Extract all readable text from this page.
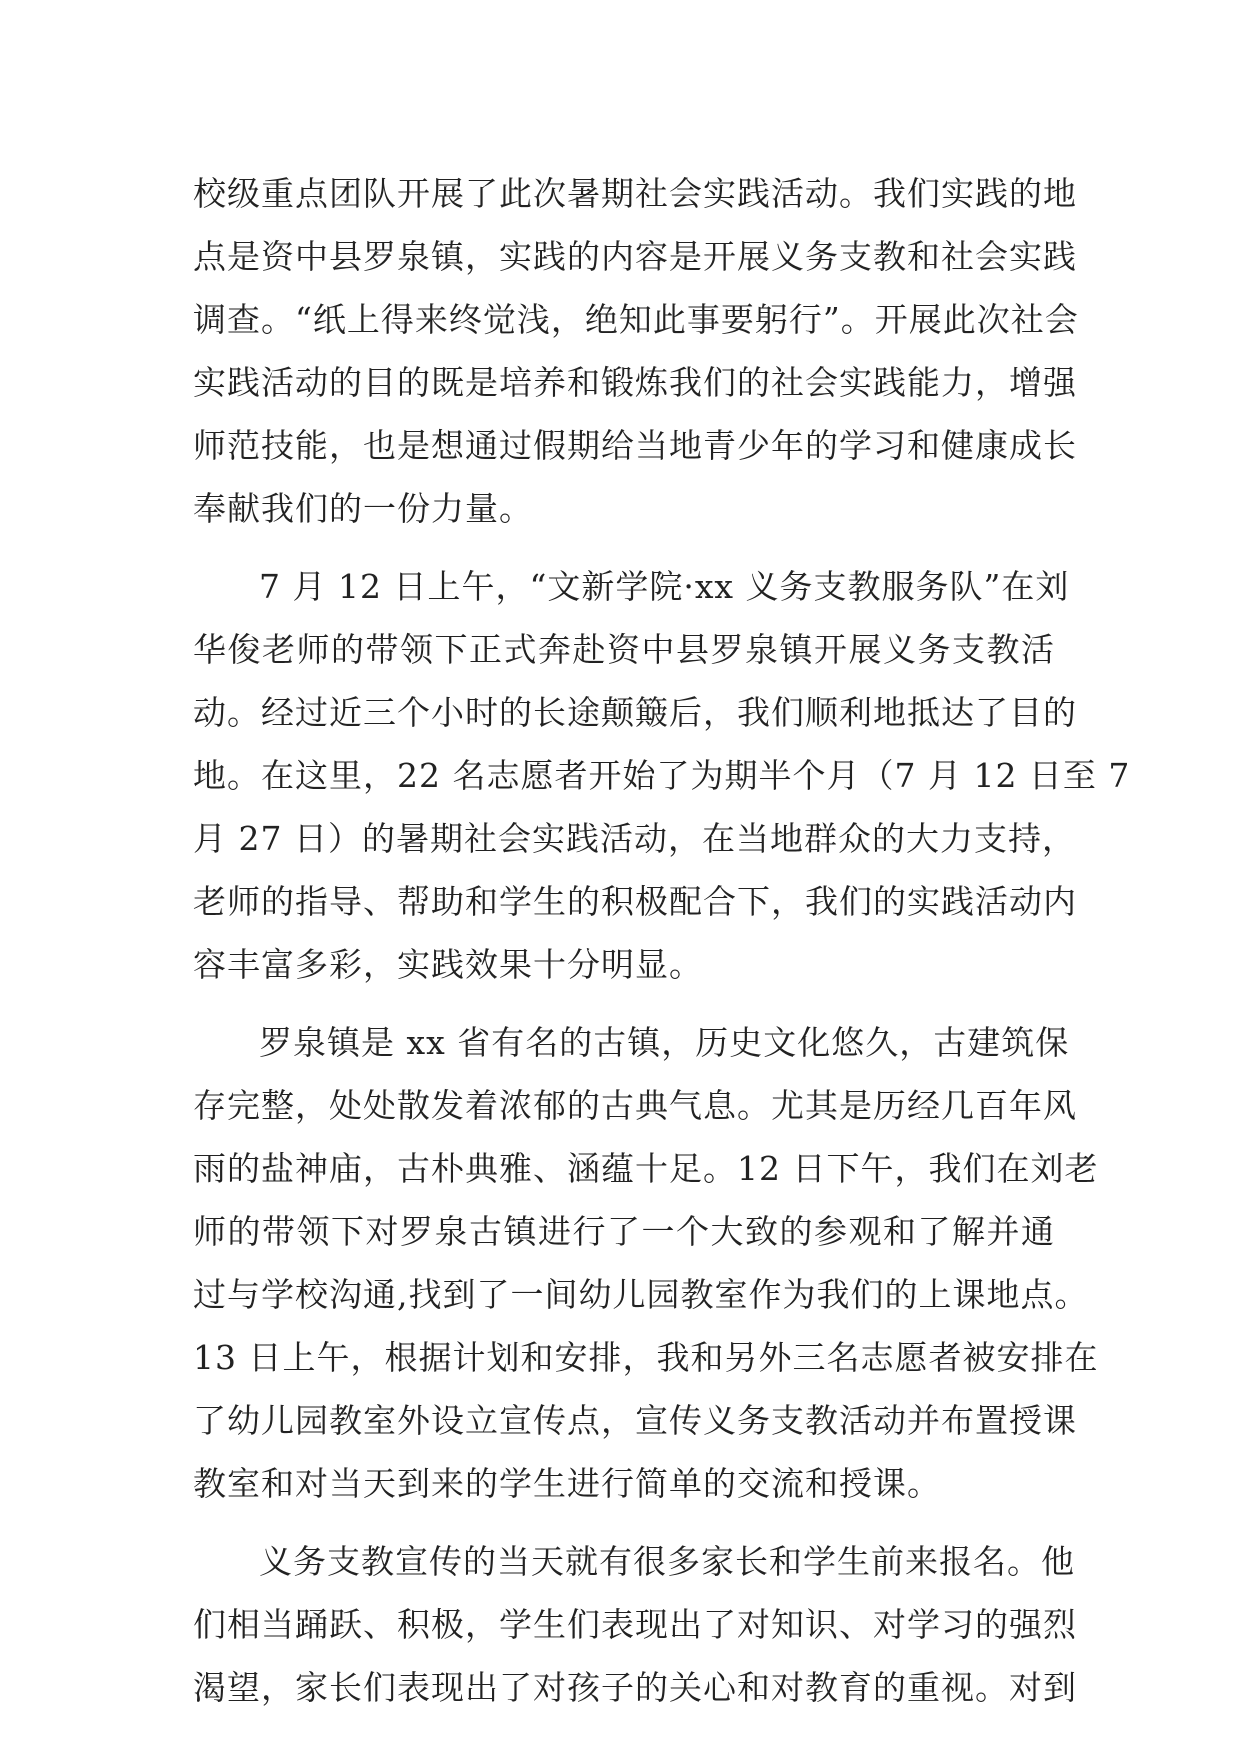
校级重点团队开展了此次暑期社会实践活动。我们实践的地
点是资中县罗泉镇，实践的内容是开展义务支教和社会实践
调查。“纸上得来终觉浅，绝知此事要躬行”。开展此次社会
实践活动的目的既是培养和锻炼我们的社会实践能力，增强
师范技能，也是想通过假期给当地青少年的学习和健康成长
奉献我们的一份力量。
7 月 12 日上午，“文新学院·xx 义务支教服务队”在刘
华俊老师的带领下正式奔赴资中县罗泉镇开展义务支教活
动。经过近三个小时的长途颠簸后，我们顺利地抵达了目的
地。在这里，22 名志愿者开始了为期半个月（7 月 12 日至 7
月 27 日）的暑期社会实践活动，在当地群众的大力支持，
老师的指导、帮助和学生的积极配合下，我们的实践活动内
容丰富多彩，实践效果十分明显。
罗泉镇是 xx 省有名的古镇，历史文化悠久，古建筑保
存完整，处处散发着浓郁的古典气息。尤其是历经几百年风
雨的盐神庙，古朴典雅、涵蕴十足。12 日下午，我们在刘老
师的带领下对罗泉古镇进行了一个大致的参观和了解并通
过与学校沟通,找到了一间幼儿园教室作为我们的上课地点。
13 日上午，根据计划和安排，我和另外三名志愿者被安排在
了幼儿园教室外设立宣传点，宣传义务支教活动并布置授课
教室和对当天到来的学生进行简单的交流和授课。
义务支教宣传的当天就有很多家长和学生前来报名。他
们相当踊跃、积极，学生们表现出了对知识、对学习的强烈
渴望，家长们表现出了对孩子的关心和对教育的重视。对到
